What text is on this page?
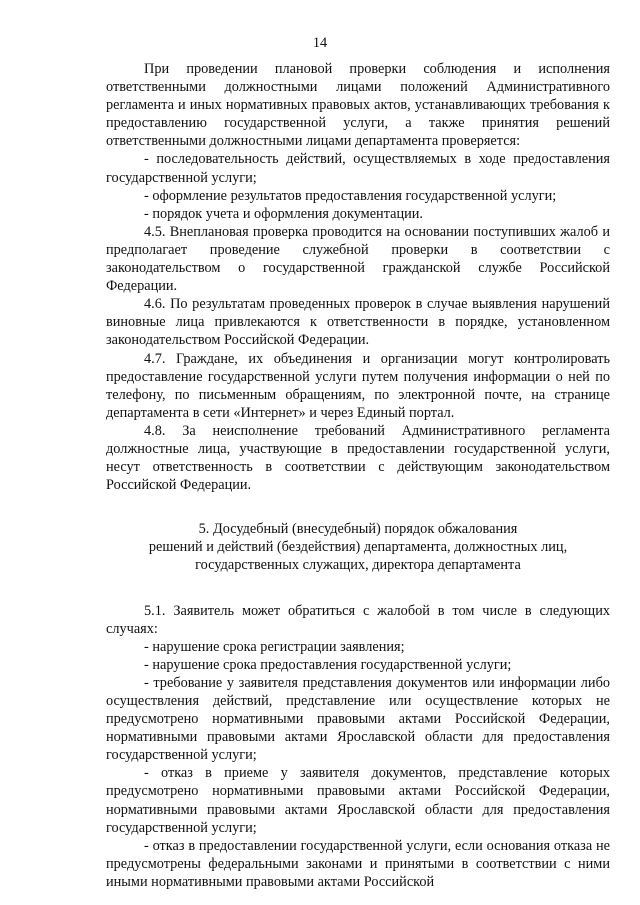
14

При проведении плановой проверки соблюдения и исполнения ответственными должностными лицами положений Административного регламента и иных нормативных правовых актов, устанавливающих требования к предоставлению государственной услуги, а также принятия решений ответственными должностными лицами департамента проверяется:

- последовательность действий, осуществляемых в ходе предоставления государственной услуги;

- оформление результатов предоставления государственной услуги;

- порядок учета и оформления документации.

4.5. Внеплановая проверка проводится на основании поступивших жалоб и предполагает проведение служебной проверки в соответствии с законодательством о государственной гражданской службе Российской Федерации.

4.6. По результатам проведенных проверок в случае выявления нарушений виновные лица привлекаются к ответственности в порядке, установленном законодательством Российской Федерации.

4.7. Граждане, их объединения и организации могут контролировать предоставление государственной услуги путем получения информации о ней по телефону, по письменным обращениям, по электронной почте, на странице департамента в сети «Интернет» и через Единый портал.

4.8. За неисполнение требований Административного регламента должностные лица, участвующие в предоставлении государственной услуги, несут ответственность в соответствии с действующим законодательством Российской Федерации.

5. Досудебный (внесудебный) порядок обжалования
решений и действий (бездействия) департамента, должностных лиц,
государственных служащих, директора департамента

5.1. Заявитель может обратиться с жалобой в том числе в следующих случаях:

- нарушение срока регистрации заявления;

- нарушение срока предоставления государственной услуги;

- требование у заявителя представления документов или информации либо осуществления действий, представление или осуществление которых не предусмотрено нормативными правовыми актами Российской Федерации, нормативными правовыми актами Ярославской области для предоставления государственной услуги;

- отказ в приеме у заявителя документов, представление которых предусмотрено нормативными правовыми актами Российской Федерации, нормативными правовыми актами Ярославской области для предоставления государственной услуги;

- отказ в предоставлении государственной услуги, если основания отказа не предусмотрены федеральными законами и принятыми в соответствии с ними иными нормативными правовыми актами Российской
